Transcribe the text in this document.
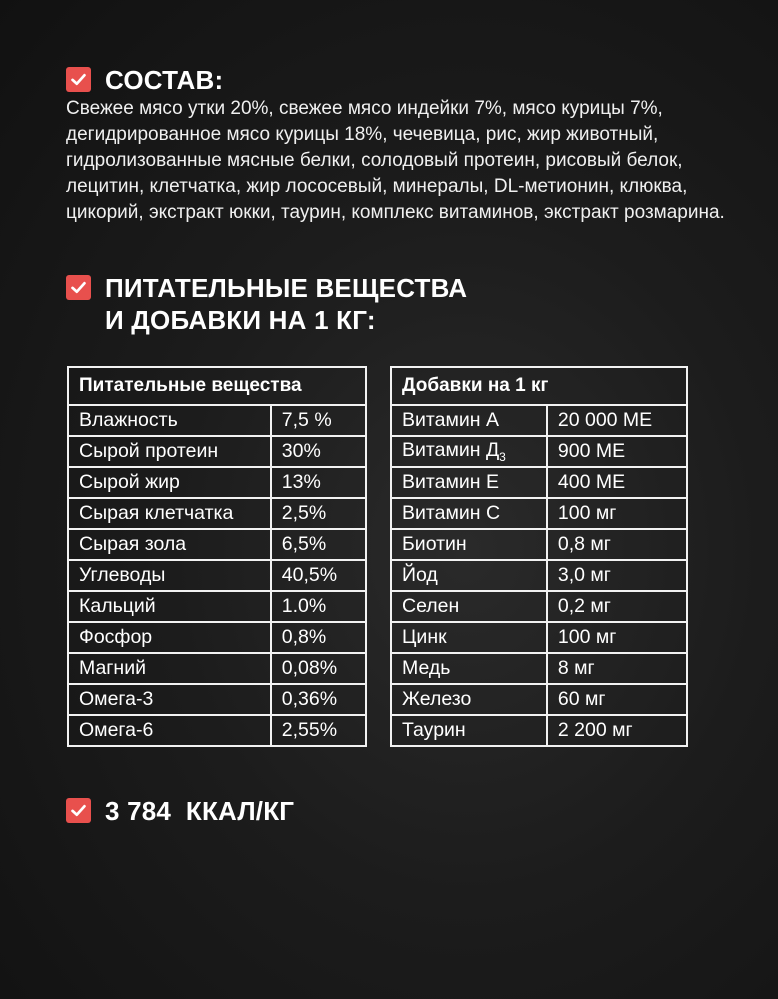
СОСТАВ:
Свежее мясо утки 20%, свежее мясо индейки 7%, мясо курицы 7%, дегидрированное мясо курицы 18%, чечевица, рис, жир животный, гидролизованные мясные белки, солодовый протеин, рисовый белок, лецитин, клетчатка, жир лососевый, минералы, DL-метионин, клюква, цикорий, экстракт юкки, таурин, комплекс витаминов, экстракт розмарина.
ПИТАТЕЛЬНЫЕ ВЕЩЕСТВА
И ДОБАВКИ НА 1 КГ:
Питательные вещества	
Влажность	7,5 %
Сырой протеин	30%
Сырой жир	13%
Сырая клетчатка	2,5%
Сырая зола	6,5%
Углеводы	40,5%
Кальций	1.0%
Фосфор	0,8%
Магний	0,08%
Омега-3	0,36%
Омега-6	2,55%
Добавки на 1 кг	
Витамин А	20 000 МЕ
Витамин $Д_3$	900 МЕ
Витамин Е	400 МЕ
Витамин С	100 мг
Биотин	0,8 мг
Йод	3,0 мг
Селен	0,2 мг
Цинк	100 мг
Медь	8 мг
Железо	60 мг
Таурин	2 200 мг
3 784  ККАЛ/КГ
